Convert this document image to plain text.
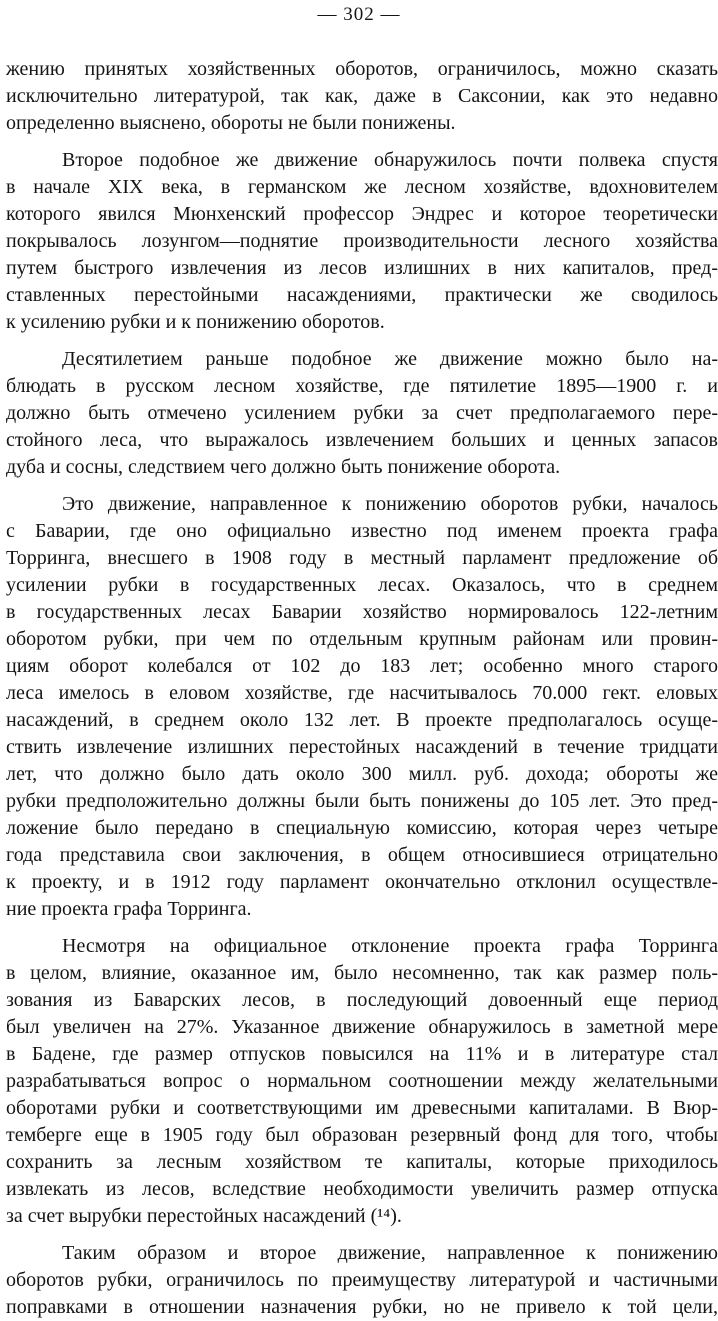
— 302 —
жению принятых хозяйственных оборотов, ограничилось, можно сказать
исключительно литературой, так как, даже в Саксонии, как это недавно
определенно выяснено, обороты не были понижены.
Второе подобное же движение обнаружилось почти полвека спустя
в начале XIX века, в германском же лесном хозяйстве, вдохновителем
которого явился Мюнхенский профессор Эндрес и которое теоретически
покрывалось лозунгом—поднятие производительности лесного хозяйства
путем быстрого извлечения из лесов излишних в них капиталов, пред-
ставленных перестойными насаждениями, практически же сводилось
к усилению рубки и к понижению оборотов.
Десятилетием раньше подобное же движение можно было на-
блюдать в русском лесном хозяйстве, где пятилетие 1895—1900 г. и
должно быть отмечено усилением рубки за счет предполагаемого пере-
стойного леса, что выражалось извлечением больших и ценных запасов
дуба и сосны, следствием чего должно быть понижение оборота.
Это движение, направленное к понижению оборотов рубки, началось
с Баварии, где оно официально известно под именем проекта графа
Торринга, внесшего в 1908 году в местный парламент предложение об
усилении рубки в государственных лесах. Оказалось, что в среднем
в государственных лесах Баварии хозяйство нормировалось 122-летним
оборотом рубки, при чем по отдельным крупным районам или провин-
циям оборот колебался от 102 до 183 лет; особенно много старого
леса имелось в еловом хозяйстве, где насчитывалось 70.000 гект. еловых
насаждений, в среднем около 132 лет. В проекте предполагалось осуще-
ствить извлечение излишних перестойных насаждений в течение тридцати
лет, что должно было дать около 300 милл. руб. дохода; обороты же
рубки предположительно должны были быть понижены до 105 лет. Это пред-
ложение было передано в специальную комиссию, которая через четыре
года представила свои заключения, в общем относившиеся отрицательно
к проекту, и в 1912 году парламент окончательно отклонил осуществле-
ние проекта графа Торринга.
Несмотря на официальное отклонение проекта графа Торринга
в целом, влияние, оказанное им, было несомненно, так как размер поль-
зования из Баварских лесов, в последующий довоенный еще период
был увеличен на 27%. Указанное движение обнаружилось в заметной мере
в Бадене, где размер отпусков повысился на 11% и в литературе стал
разрабатываться вопрос о нормальном соотношении между желательными
оборотами рубки и соответствующими им древесными капиталами. В Вюр-
темберге еще в 1905 году был образован резервный фонд для того, чтобы
сохранить за лесным хозяйством те капиталы, которые приходилось
извлекать из лесов, вследствие необходимости увеличить размер отпуска
за счет вырубки перестойных насаждений (¹⁴).
Таким образом и второе движение, направленное к понижению
оборотов рубки, ограничилось по преимуществу литературой и частичными
поправками в отношении назначения рубки, но не привело к той цели,
